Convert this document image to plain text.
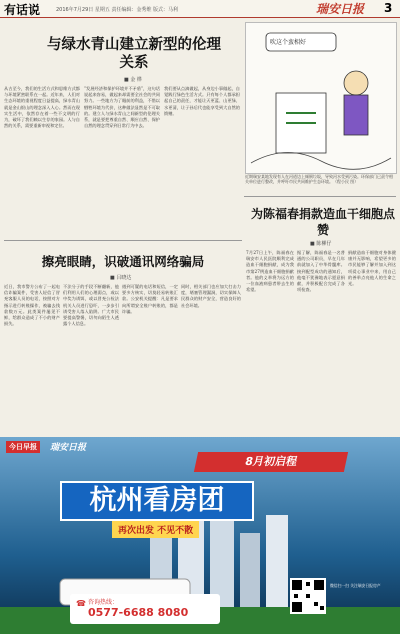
有话说	2016年7月29日 星期五 责任编辑：金秀维 版式：马利	瑞安日报 3
与绿水青山建立新型的伦理关系
■ 金 桦
从古至今，我们的生活方式和思维方式都与环境紧密联系在一起。近年来，人们对生态环境的重视程度日益提高，绿水青山就是金山银山的理念深入人心。然而在现实生活中，依然存在着一些不文明的行为，破坏了我们赖以生存的家园。人与自然的关系，需要重新审视和定位。
“发展经济和保护环境并不矛盾”，这句话说起来容易，做起来却需要全社会的共同努力。一些地方为了眼前的利益，不惜以牺牲环境为代价，这种做法显然是不可取的。建立人与绿水青山之间新型的伦理关系，就是要把尊重自然、顺应自然、保护自然的理念贯穿到日常行为中去。
我们要从点滴做起，从身边小事做起，自觉践行绿色生活方式。只有每个人都承担起自己的责任，才能让天更蓝、山更绿、水更清，让子孙后代也能享受到大自然的馈赠。
吹这个蛮相好
近期瑞安某地发现有人在河道边上倾倒垃圾，导致河水受到污染。环保部门已责令相关单位进行整改，并呼吁市民共同维护生态环境。（程小民 图）
为陈福春捐款造血干细胞点赞
■ 陈柳仔
7月27日上午，陈福春在瑞安市人民医院顺利完成造血干细胞捐献，成为我市第27例造血干细胞捐献者。他的义举将为远方的一位血液病患者带去生的希望。
据了解，陈福春是一名普通的公司职员，早在几年前就加入了中华骨髓库。接到配型成功的通知后，他毫不犹豫地表示愿意捐献，并积极配合完成了各项检查。
捐献造血干细胞对身体健康并无影响，希望更多的市民能够了解并加入到这项爱心事业中来，用自己的善举点亮他人的生命之光。
擦亮眼睛，识破通讯网络骗局
■ 吕晓达
近日，我市警方公布了一起电信诈骗案件，受害人轻信了冒充客服人员的电话，按照对方指示进行转账操作，被骗去钱款数万元。此类案件屡见不鲜，给群众造成了不小的财产损失。
不法分子的手段不断翻新，他们利用人们的心理弱点，或以中奖为诱饵，或以冒充公检法机关人员进行恐吓，一步步引诱受害人落入陷阱。广大市民要提高警惕，切勿向陌生人透露个人信息。
遇到可疑的电话和短信，一定要多方核实，切莫轻易转账汇款。公安机关提醒：凡是要求向所谓安全账户转账的，都是诈骗。
同时，相关部门也应加大打击力度，堵塞管理漏洞，切实保障人民群众的财产安全，营造良好的社会环境。
今日早报	瑞安日报
8月初启程
杭州看房团
再次出发 不见不散
☎ 咨询热线：
0577-6688 8080
微信扫一扫 关注瑞安日报房产
